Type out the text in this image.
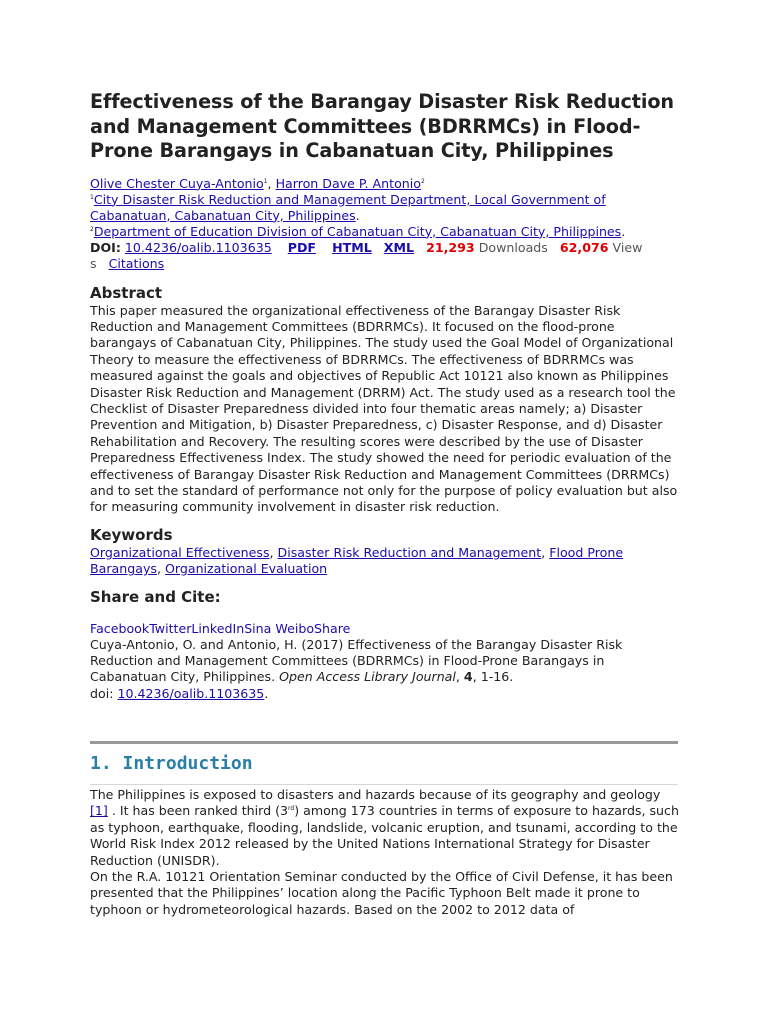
Effectiveness of the Barangay Disaster Risk Reduction and Management Committees (BDRRMCs) in Flood-Prone Barangays in Cabanatuan City, Philippines
Olive Chester Cuya-Antonio$^1$, Harron Dave P. Antonio$^2$
$^1$City Disaster Risk Reduction and Management Department, Local Government of Cabanatuan, Cabanatuan City, Philippines.
$^2$Department of Education Division of Cabanatuan City, Cabanatuan City, Philippines.
DOI: 10.4236/oalib.1103635 PDF HTML XML 21,293 Downloads 62,076 View
s Citations
Abstract

This paper measured the organizational effectiveness of the Barangay Disaster Risk Reduction and Management Committees (BDRRMCs). It focused on the flood-prone barangays of Cabanatuan City, Philippines. The study used the Goal Model of Organizational Theory to measure the effectiveness of BDRRMCs. The effectiveness of BDRRMCs was measured against the goals and objectives of Republic Act 10121 also known as Philippines Disaster Risk Reduction and Management (DRRM) Act. The study used as a research tool the Checklist of Disaster Preparedness divided into four thematic areas namely; a) Disaster Prevention and Mitigation, b) Disaster Preparedness, c) Disaster Response, and d) Disaster Rehabilitation and Recovery. The resulting scores were described by the use of Disaster Preparedness Effectiveness Index. The study showed the need for periodic evaluation of the effectiveness of Barangay Disaster Risk Reduction and Management Committees (DRRMCs) and to set the standard of performance not only for the purpose of policy evaluation but also for measuring community involvement in disaster risk reduction.

Keywords
Organizational Effectiveness, Disaster Risk Reduction and Management, Flood Prone Barangays, Organizational Evaluation
Share and Cite:
FacebookTwitterLinkedInSina WeiboShare
Cuya-Antonio, O. and Antonio, H. (2017) Effectiveness of the Barangay Disaster Risk Reduction and Management Committees (BDRRMCs) in Flood-Prone Barangays in Cabanatuan City, Philippines. Open Access Library Journal, 4, 1-16.
doi: 10.4236/oalib.1103635.
1. Introduction

The Philippines is exposed to disasters and hazards because of its geography and geology [1] . It has been ranked third (3rd) among 173 countries in terms of exposure to hazards, such as typhoon, earthquake, flooding, landslide, volcanic eruption, and tsunami, according to the World Risk Index 2012 released by the United Nations International Strategy for Disaster Reduction (UNISDR).

On the R.A. 10121 Orientation Seminar conducted by the Office of Civil Defense, it has been presented that the Philippines’ location along the Pacific Typhoon Belt made it prone to typhoon or hydrometeorological hazards. Based on the 2002 to 2012 data of
